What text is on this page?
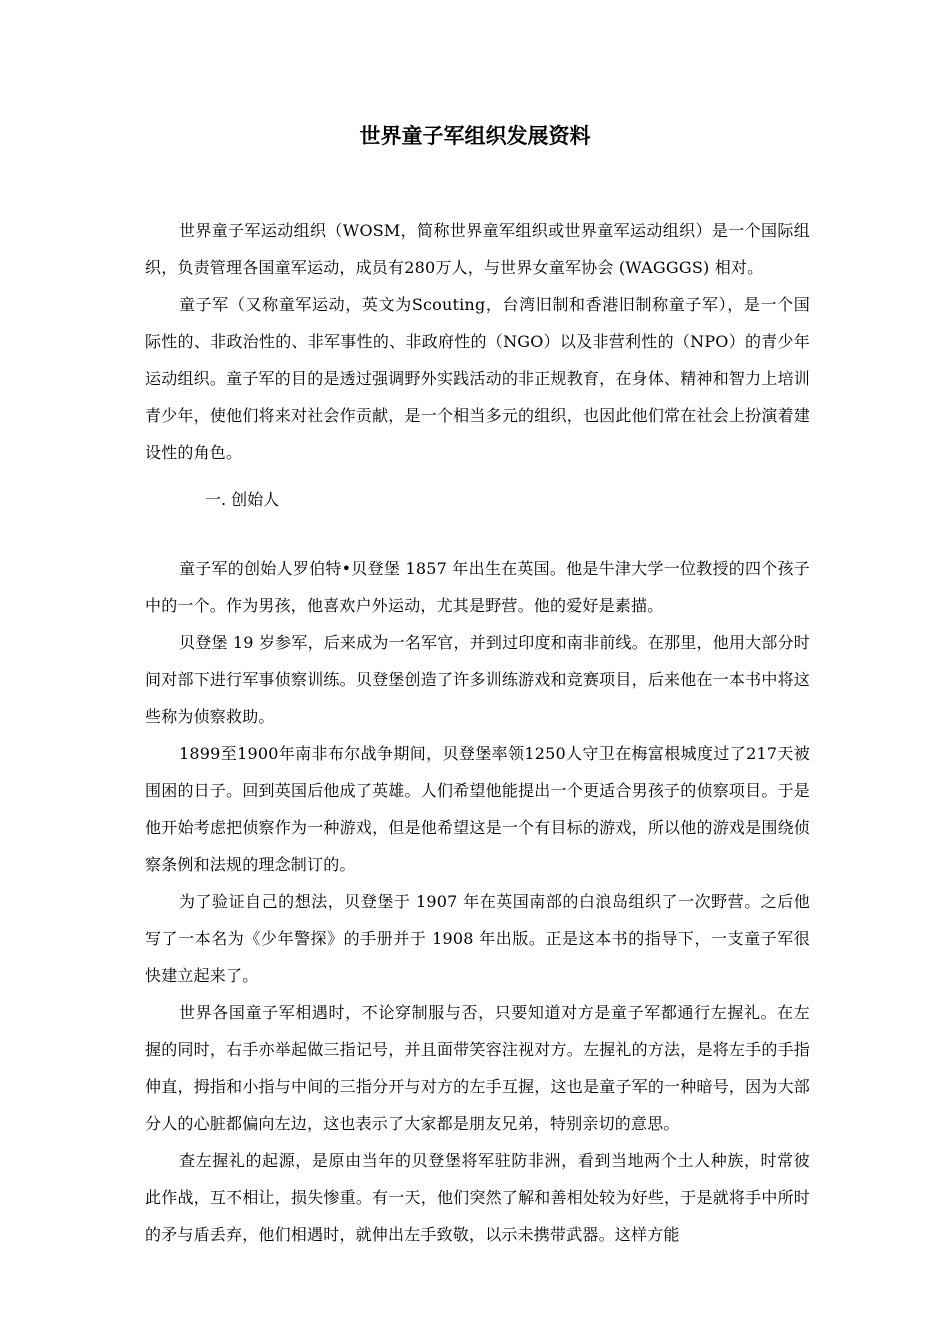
世界童子军组织发展资料

世界童子军运动组织（WOSM，简称世界童军组织或世界童军运动组织）是一个国际组织，负责管理各国童军运动，成员有280万人，与世界女童军协会 (WAGGGS) 相对。

童子军（又称童军运动，英文为Scouting，台湾旧制和香港旧制称童子军），是一个国际性的、非政治性的、非军事性的、非政府性的（NGO）以及非营利性的（NPO）的青少年运动组织。童子军的目的是透过强调野外实践活动的非正规教育，在身体、精神和智力上培训青少年，使他们将来对社会作贡献，是一个相当多元的组织，也因此他们常在社会上扮演着建设性的角色。

一. 创始人

童子军的创始人罗伯特•贝登堡 1857 年出生在英国。他是牛津大学一位教授的四个孩子中的一个。作为男孩，他喜欢户外运动，尤其是野营。他的爱好是素描。

贝登堡 19 岁参军，后来成为一名军官，并到过印度和南非前线。在那里，他用大部分时间对部下进行军事侦察训练。贝登堡创造了许多训练游戏和竞赛项目，后来他在一本书中将这些称为侦察救助。

1899至1900年南非布尔战争期间，贝登堡率领1250人守卫在梅富根城度过了217天被围困的日子。回到英国后他成了英雄。人们希望他能提出一个更适合男孩子的侦察项目。于是他开始考虑把侦察作为一种游戏，但是他希望这是一个有目标的游戏，所以他的游戏是围绕侦察条例和法规的理念制订的。

为了验证自己的想法，贝登堡于 1907 年在英国南部的白浪岛组织了一次野营。之后他写了一本名为《少年警探》的手册并于 1908 年出版。正是这本书的指导下，一支童子军很快建立起来了。

世界各国童子军相遇时，不论穿制服与否，只要知道对方是童子军都通行左握礼。在左握的同时，右手亦举起做三指记号，并且面带笑容注视对方。左握礼的方法，是将左手的手指伸直，拇指和小指与中间的三指分开与对方的左手互握，这也是童子军的一种暗号，因为大部分人的心脏都偏向左边，这也表示了大家都是朋友兄弟，特别亲切的意思。

查左握礼的起源，是原由当年的贝登堡将军驻防非洲，看到当地两个土人种族，时常彼此作战，互不相让，损失惨重。有一天，他们突然了解和善相处较为好些，于是就将手中所时的矛与盾丢弃，他们相遇时，就伸出左手致敬，以示未携带武器。这样方能
